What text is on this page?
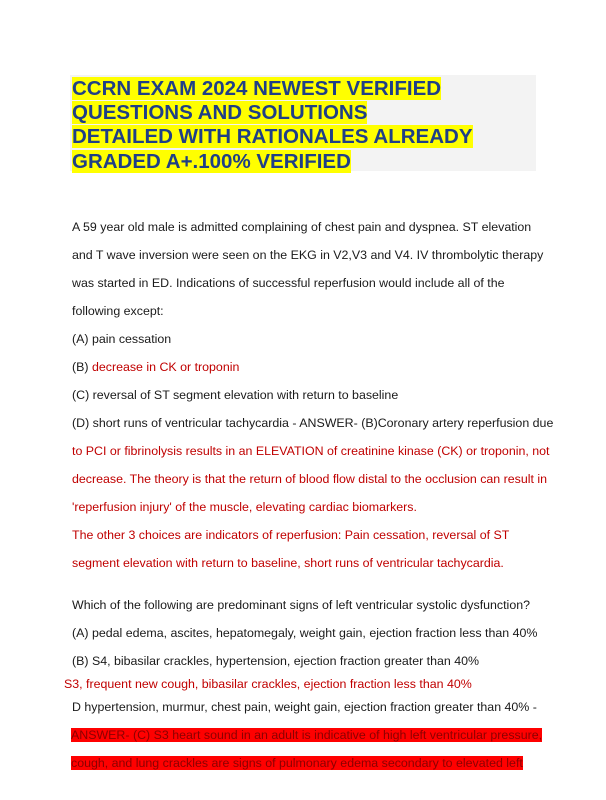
CCRN EXAM 2024 NEWEST VERIFIED
QUESTIONS AND SOLUTIONS
DETAILED WITH RATIONALES ALREADY
GRADED A+.100% VERIFIED
A 59 year old male is admitted complaining of chest pain and dyspnea. ST elevation
and T wave inversion were seen on the EKG in V2,V3 and V4. IV thrombolytic therapy
was started in ED. Indications of successful reperfusion would include all of the
following except:
(A) pain cessation
(B) decrease in CK or troponin
(C) reversal of ST segment elevation with return to baseline
(D) short runs of ventricular tachycardia - ANSWER- (B)Coronary artery reperfusion due
to PCI or fibrinolysis results in an ELEVATION of creatinine kinase (CK) or troponin, not
decrease. The theory is that the return of blood flow distal to the occlusion can result in
'reperfusion injury' of the muscle, elevating cardiac biomarkers.
The other 3 choices are indicators of reperfusion: Pain cessation, reversal of ST
segment elevation with return to baseline, short runs of ventricular tachycardia.
Which of the following are predominant signs of left ventricular systolic dysfunction?
(A) pedal edema, ascites, hepatomegaly, weight gain, ejection fraction less than 40%
(B) S4, bibasilar crackles, hypertension, ejection fraction greater than 40%
S3, frequent new cough, bibasilar crackles, ejection fraction less than 40%
D hypertension, murmur, chest pain, weight gain, ejection fraction greater than 40% -
ANSWER- (C) S3 heart sound in an adult is indicative of high left ventricular pressure,
cough, and lung crackles are signs of pulmonary edema secondary to elevated left
